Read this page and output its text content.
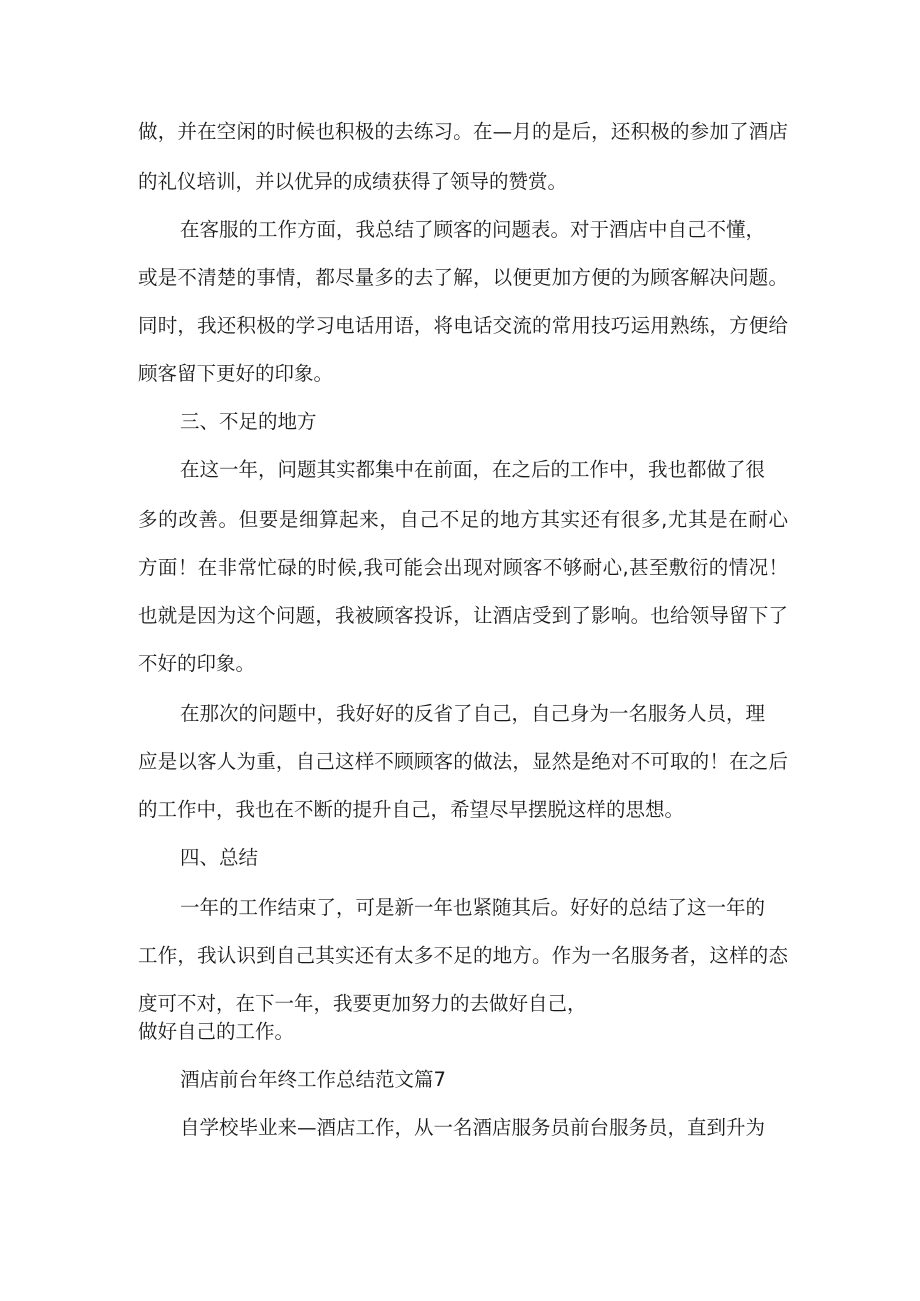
做，并在空闲的时候也积极的去练习。在—月的是后，还积极的参加了酒店

的礼仪培训，并以优异的成绩获得了领导的赞赏。

在客服的工作方面，我总结了顾客的问题表。对于酒店中自己不懂，

或是不清楚的事情，都尽量多的去了解，以便更加方便的为顾客解决问题。

同时，我还积极的学习电话用语，将电话交流的常用技巧运用熟练，方便给

顾客留下更好的印象。

三、不足的地方

在这一年，问题其实都集中在前面，在之后的工作中，我也都做了很

多的改善。但要是细算起来，自己不足的地方其实还有很多,尤其是在耐心

方面！在非常忙碌的时候,我可能会出现对顾客不够耐心,甚至敷衍的情况！

也就是因为这个问题，我被顾客投诉，让酒店受到了影响。也给领导留下了

不好的印象。

在那次的问题中，我好好的反省了自己，自己身为一名服务人员，理

应是以客人为重，自己这样不顾顾客的做法，显然是绝对不可取的！在之后

的工作中，我也在不断的提升自己，希望尽早摆脱这样的思想。

四、总结

一年的工作结束了，可是新一年也紧随其后。好好的总结了这一年的

工作，我认识到自己其实还有太多不足的地方。作为一名服务者，这样的态

度可不对，在下一年，我要更加努力的去做好自己，

做好自己的工作。

酒店前台年终工作总结范文篇7

自学校毕业来—酒店工作，从一名酒店服务员前台服务员，直到升为
